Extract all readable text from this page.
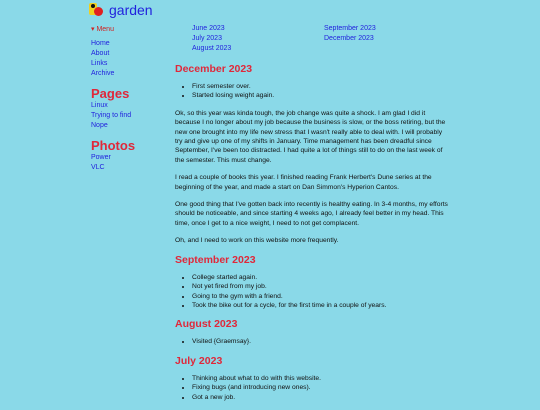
garden
▾ Menu
Home
About
Links
Archive
Pages
Linux
Trying to find
Nope
Photos
Power
VLC
June 2023
July 2023
August 2023
September 2023
December 2023
December 2023
• First semester over.
• Started losing weight again.

Ok, so this year was kinda tough, the job change was quite a shock. I am glad I did it because I no longer about my job because the business is slow, or the boss retiring, but the new one brought into my life new stress that I wasn't really able to deal with. I will probably try and give up one of my shifts in January. Time management has been dreadful since September, I've been too distracted. I had quite a lot of things still to do on the last week of the semester. This must change.

I read a couple of books this year. I finished reading Frank Herbert's Dune series at the beginning of the year, and made a start on Dan Simmon's Hyperion Cantos.

One good thing that I've gotten back into recently is healthy eating. In 3-4 months, my efforts should be noticeable, and since starting 4 weeks ago, I already feel better in my head. This time, once I get to a nice weight, I need to not get complacent.

Oh, and I need to work on this website more frequently.

September 2023
• College started again.
• Not yet fired from my job.
• Going to the gym with a friend.
• Took the bike out for a cycle, for the first time in a couple of years.
August 2023
• Visited {Graemsay}.
July 2023
• Thinking about what to do with this website.
• Fixing bugs (and introducing new ones).
• Got a new job.
